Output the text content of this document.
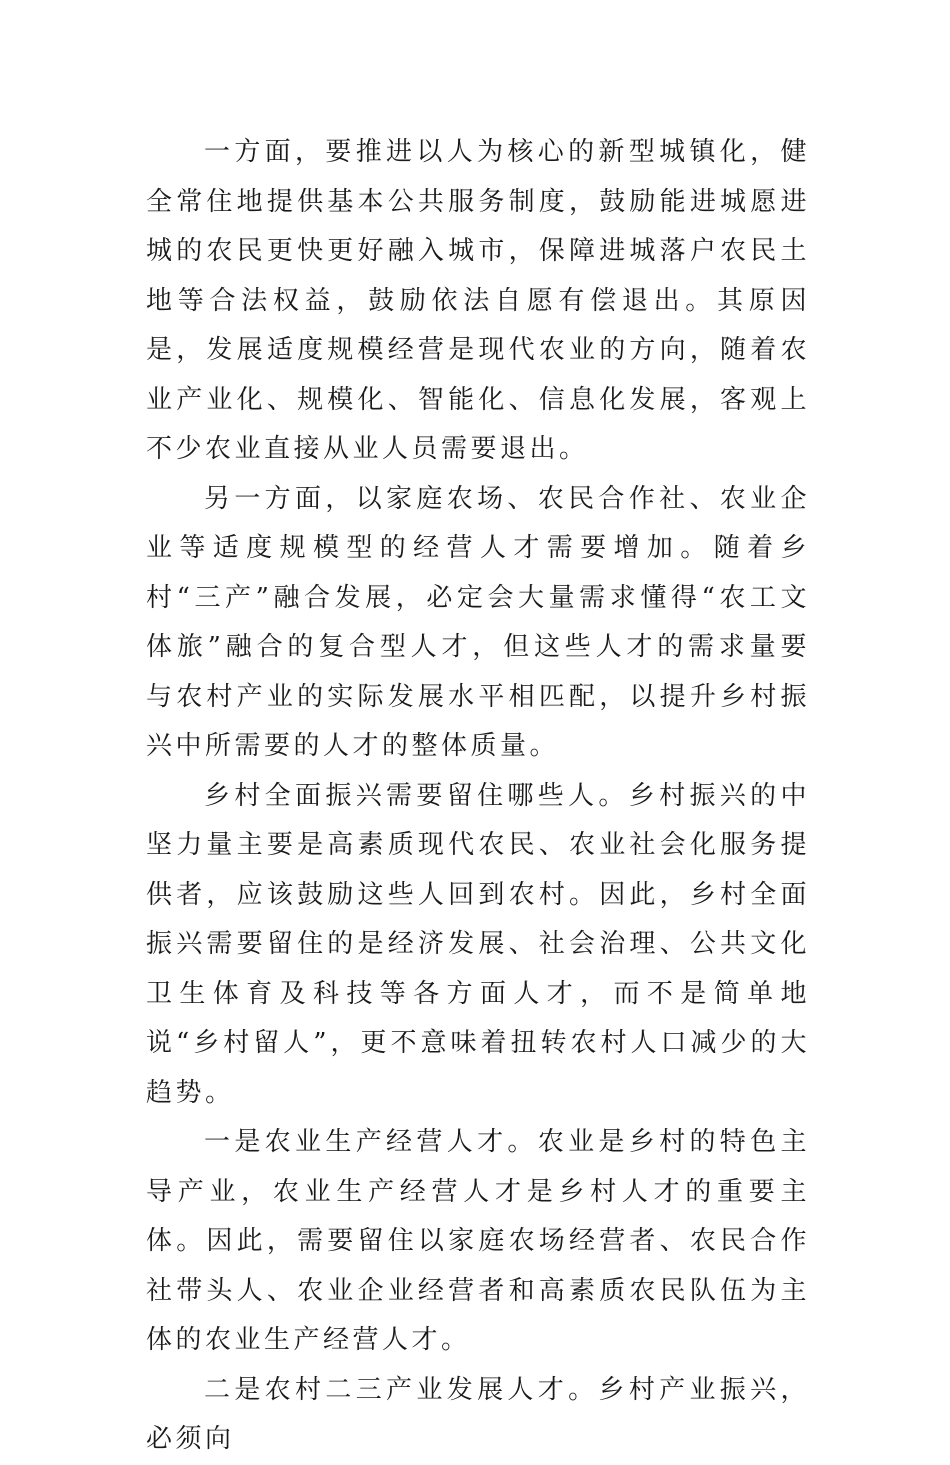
一方面，要推进以人为核心的新型城镇化，健全常住地提供基本公共服务制度，鼓励能进城愿进城的农民更快更好融入城市，保障进城落户农民土地等合法权益，鼓励依法自愿有偿退出。其原因是，发展适度规模经营是现代农业的方向，随着农业产业化、规模化、智能化、信息化发展，客观上不少农业直接从业人员需要退出。

另一方面，以家庭农场、农民合作社、农业企业等适度规模型的经营人才需要增加。随着乡村“三产”融合发展，必定会大量需求懂得“农工文体旅”融合的复合型人才，但这些人才的需求量要与农村产业的实际发展水平相匹配，以提升乡村振兴中所需要的人才的整体质量。

乡村全面振兴需要留住哪些人。乡村振兴的中坚力量主要是高素质现代农民、农业社会化服务提供者，应该鼓励这些人回到农村。因此，乡村全面振兴需要留住的是经济发展、社会治理、公共文化卫生体育及科技等各方面人才，而不是简单地说“乡村留人”，更不意味着扭转农村人口减少的大趋势。

一是农业生产经营人才。农业是乡村的特色主导产业，农业生产经营人才是乡村人才的重要主体。因此，需要留住以家庭农场经营者、农民合作社带头人、农业企业经营者和高素质农民队伍为主体的农业生产经营人才。

二是农村二三产业发展人才。乡村产业振兴，必须向
